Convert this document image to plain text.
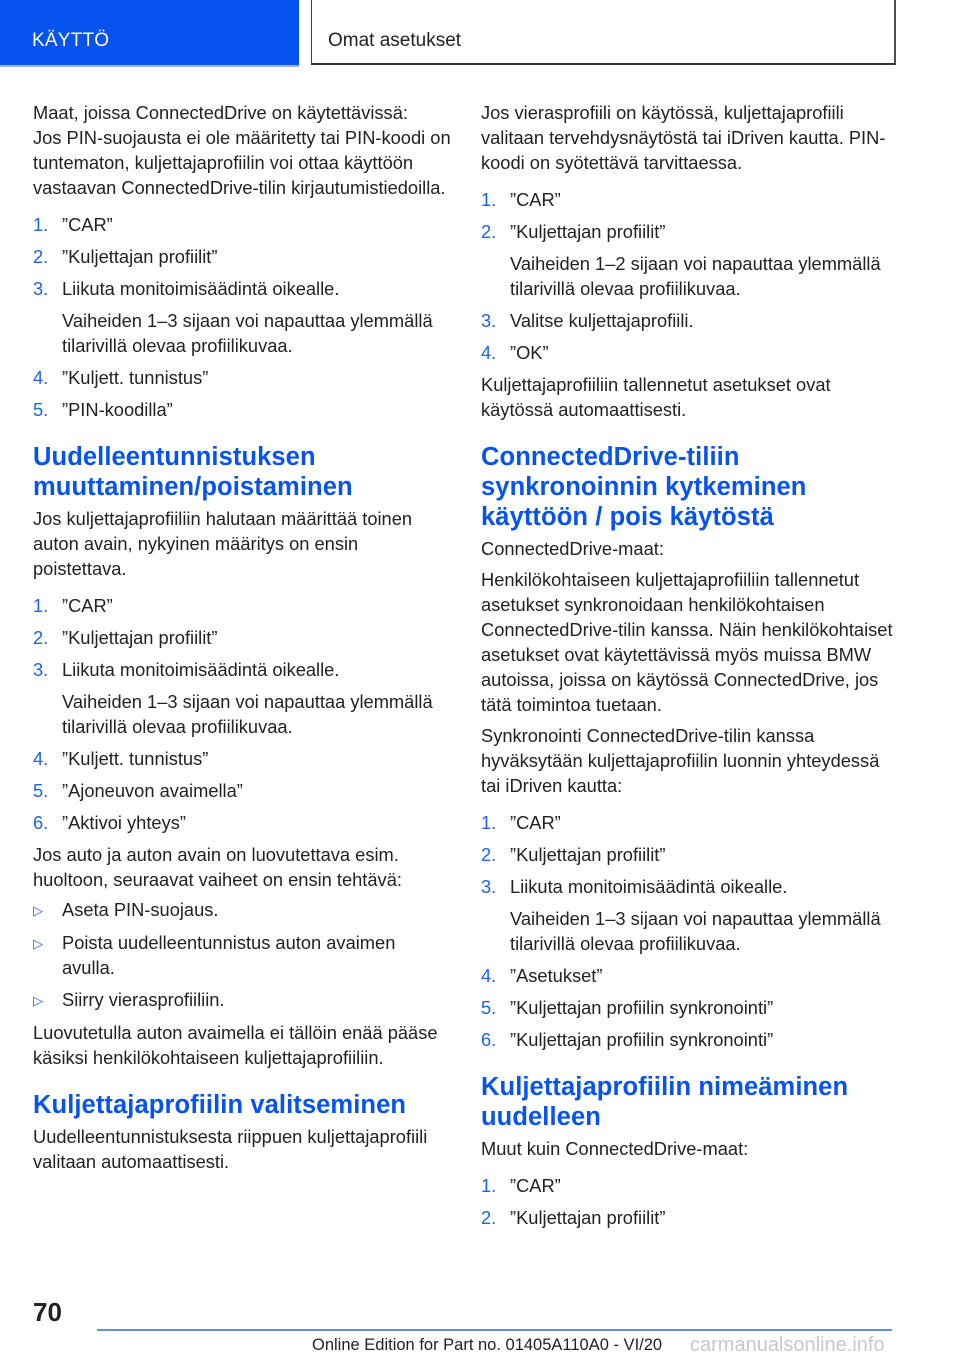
KÄYTTÖ	Omat asetukset

Maat, joissa ConnectedDrive on käytettävissä:

Jos PIN-suojausta ei ole määritetty tai PIN-koodi on tuntematon, kuljettajaprofiilin voi ottaa käyttöön vastaavan ConnectedDrive-tilin kirjautumistiedoilla.

1. ”CAR”
2. ”Kuljettajan profiilit”
3. Liikuta monitoimisäädintä oikealle.
Vaiheiden 1–3 sijaan voi napauttaa ylemmällä tilarivillä olevaa profiilikuvaa.
4. ”Kuljett. tunnistus”
5. ”PIN-koodilla”
Uudelleentunnistuksen muuttaminen/poistaminen

Jos kuljettajaprofiiliin halutaan määrittää toinen auton avain, nykyinen määritys on ensin poistettava.

1. ”CAR”
2. ”Kuljettajan profiilit”
3. Liikuta monitoimisäädintä oikealle.
Vaiheiden 1–3 sijaan voi napauttaa ylemmällä tilarivillä olevaa profiilikuvaa.
4. ”Kuljett. tunnistus”
5. ”Ajoneuvon avaimella”
6. ”Aktivoi yhteys”

Jos auto ja auton avain on luovutettava esim. huoltoon, seuraavat vaiheet on ensin tehtävä:

▷	Aseta PIN-suojaus.
▷	Poista uudelleentunnistus auton avaimen avulla.
▷	Siirry vierasprofiiliin.

Luovutetulla auton avaimella ei tällöin enää pääse käsiksi henkilökohtaiseen kuljettajaprofiiliin.

Kuljettajaprofiilin valitseminen

Uudelleentunnistuksesta riippuen kuljettajaprofiili valitaan automaattisesti.

Jos vierasprofiili on käytössä, kuljettajaprofiili valitaan tervehdysnäytöstä tai iDriven kautta. PIN-koodi on syötettävä tarvittaessa.

1. ”CAR”
2. ”Kuljettajan profiilit”
Vaiheiden 1–2 sijaan voi napauttaa ylemmällä tilarivillä olevaa profiilikuvaa.
3. Valitse kuljettajaprofiili.
4. ”OK”

Kuljettajaprofiiliin tallennetut asetukset ovat käytössä automaattisesti.

ConnectedDrive-tiliin synkronoinnin kytkeminen käyttöön / pois käytöstä

ConnectedDrive-maat:

Henkilökohtaiseen kuljettajaprofiiliin tallennetut asetukset synkronoidaan henkilökohtaisen ConnectedDrive-tilin kanssa. Näin henkilökohtaiset asetukset ovat käytettävissä myös muissa BMW autoissa, joissa on käytössä ConnectedDrive, jos tätä toimintoa tuetaan.

Synkronointi ConnectedDrive-tilin kanssa hyväksytään kuljettajaprofiilin luonnin yhteydessä tai iDriven kautta:

1. ”CAR”
2. ”Kuljettajan profiilit”
3. Liikuta monitoimisäädintä oikealle.
Vaiheiden 1–3 sijaan voi napauttaa ylemmällä tilarivillä olevaa profiilikuvaa.
4. ”Asetukset”
5. ”Kuljettajan profiilin synkronointi”
6. ”Kuljettajan profiilin synkronointi”
Kuljettajaprofiilin nimeäminen uudelleen

Muut kuin ConnectedDrive-maat:

1. ”CAR”
2. ”Kuljettajan profiilit”
70
Online Edition for Part no. 01405A110A0 - VI/20 carmanualsonline.info
